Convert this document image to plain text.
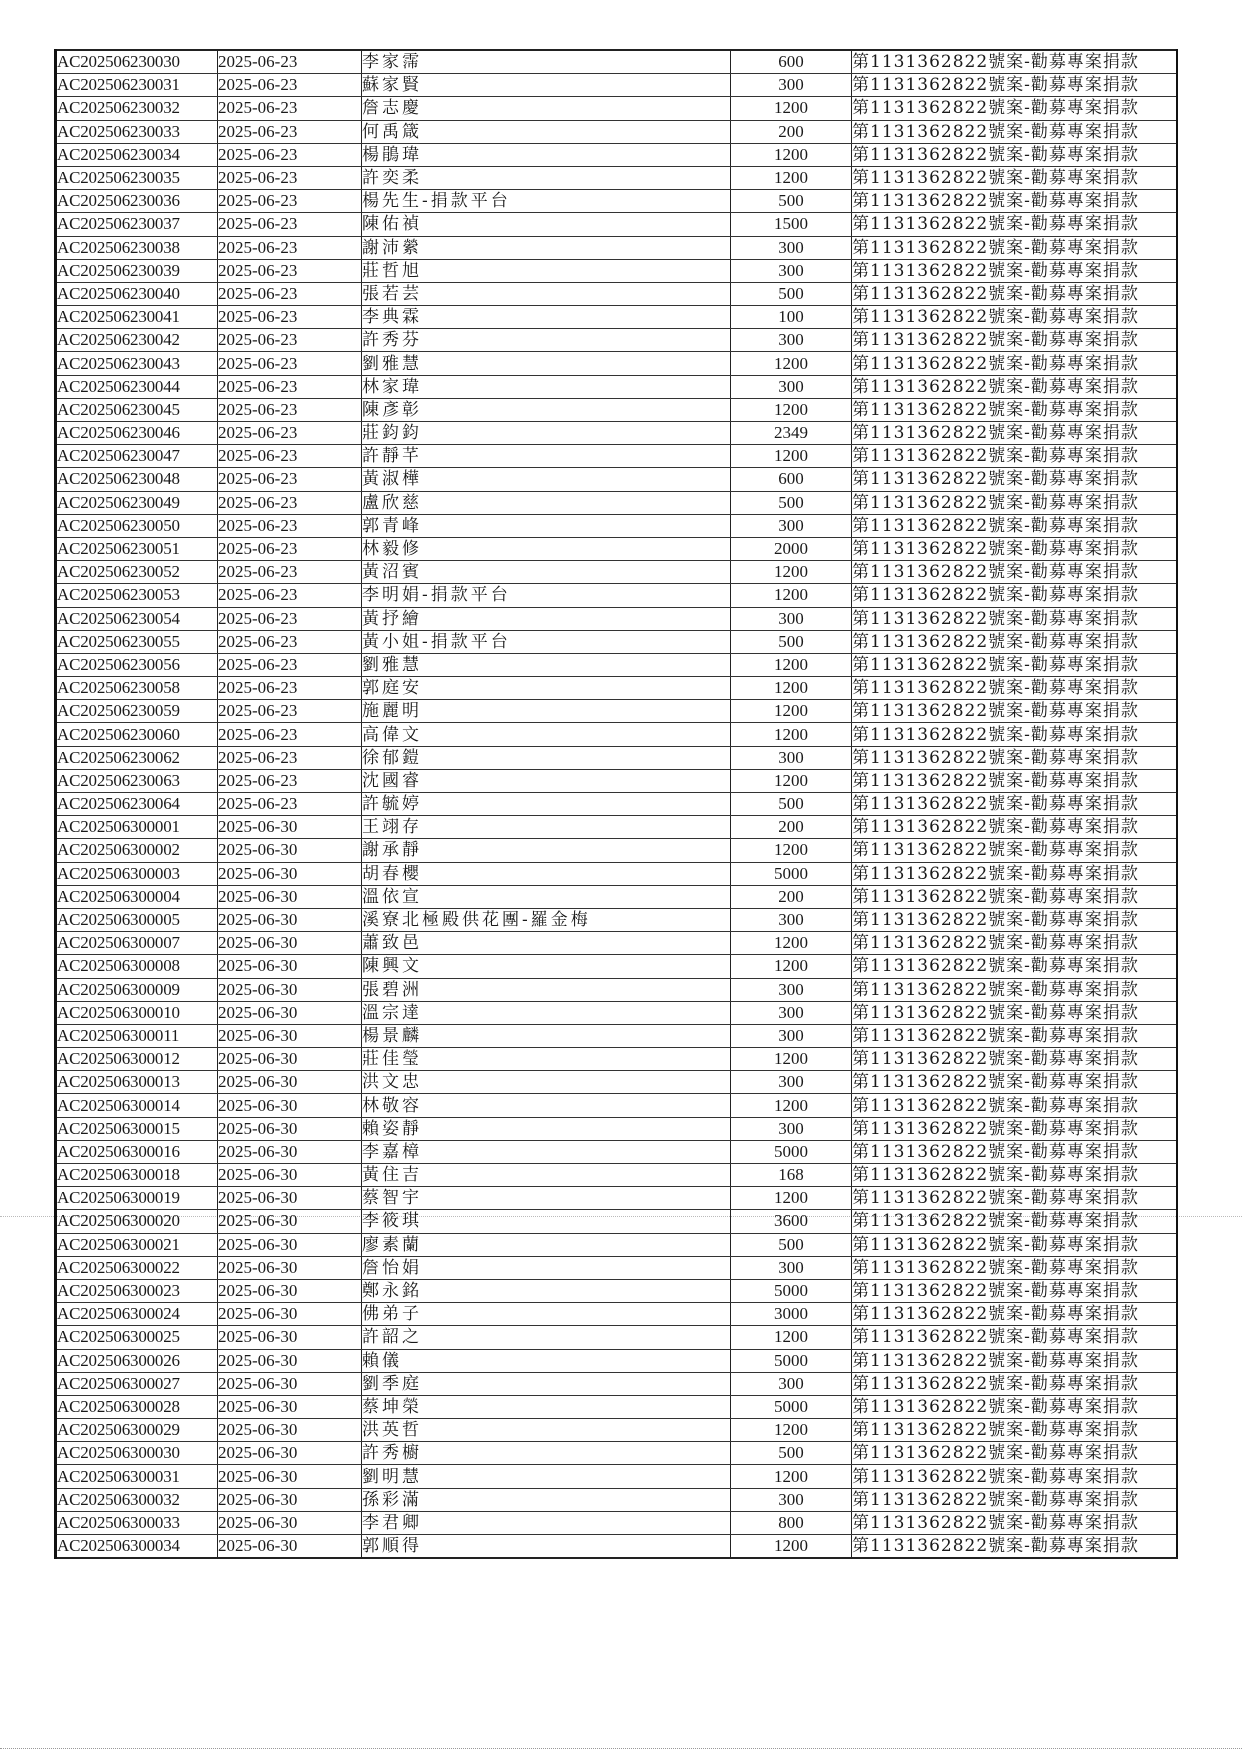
AC202506230030	2025-06-23	李家霈	600	第1131362822號案-勸募專案捐款
AC202506230031	2025-06-23	蘇家賢	300	第1131362822號案-勸募專案捐款
AC202506230032	2025-06-23	詹志慶	1200	第1131362822號案-勸募專案捐款
AC202506230033	2025-06-23	何禹箴	200	第1131362822號案-勸募專案捐款
AC202506230034	2025-06-23	楊鵑瑋	1200	第1131362822號案-勸募專案捐款
AC202506230035	2025-06-23	許奕柔	1200	第1131362822號案-勸募專案捐款
AC202506230036	2025-06-23	楊先生-捐款平台	500	第1131362822號案-勸募專案捐款
AC202506230037	2025-06-23	陳佑禎	1500	第1131362822號案-勸募專案捐款
AC202506230038	2025-06-23	謝沛縈	300	第1131362822號案-勸募專案捐款
AC202506230039	2025-06-23	莊哲旭	300	第1131362822號案-勸募專案捐款
AC202506230040	2025-06-23	張若芸	500	第1131362822號案-勸募專案捐款
AC202506230041	2025-06-23	李典霖	100	第1131362822號案-勸募專案捐款
AC202506230042	2025-06-23	許秀芬	300	第1131362822號案-勸募專案捐款
AC202506230043	2025-06-23	劉雅慧	1200	第1131362822號案-勸募專案捐款
AC202506230044	2025-06-23	林家瑋	300	第1131362822號案-勸募專案捐款
AC202506230045	2025-06-23	陳彥彰	1200	第1131362822號案-勸募專案捐款
AC202506230046	2025-06-23	莊鈞鈞	2349	第1131362822號案-勸募專案捐款
AC202506230047	2025-06-23	許靜芊	1200	第1131362822號案-勸募專案捐款
AC202506230048	2025-06-23	黃淑樺	600	第1131362822號案-勸募專案捐款
AC202506230049	2025-06-23	盧欣慈	500	第1131362822號案-勸募專案捐款
AC202506230050	2025-06-23	郭青峰	300	第1131362822號案-勸募專案捐款
AC202506230051	2025-06-23	林毅修	2000	第1131362822號案-勸募專案捐款
AC202506230052	2025-06-23	黃沼賓	1200	第1131362822號案-勸募專案捐款
AC202506230053	2025-06-23	李明娟-捐款平台	1200	第1131362822號案-勸募專案捐款
AC202506230054	2025-06-23	黃抒繪	300	第1131362822號案-勸募專案捐款
AC202506230055	2025-06-23	黃小姐-捐款平台	500	第1131362822號案-勸募專案捐款
AC202506230056	2025-06-23	劉雅慧	1200	第1131362822號案-勸募專案捐款
AC202506230058	2025-06-23	郭庭安	1200	第1131362822號案-勸募專案捐款
AC202506230059	2025-06-23	施麗明	1200	第1131362822號案-勸募專案捐款
AC202506230060	2025-06-23	高偉文	1200	第1131362822號案-勸募專案捐款
AC202506230062	2025-06-23	徐郁鎧	300	第1131362822號案-勸募專案捐款
AC202506230063	2025-06-23	沈國睿	1200	第1131362822號案-勸募專案捐款
AC202506230064	2025-06-23	許毓婷	500	第1131362822號案-勸募專案捐款
AC202506300001	2025-06-30	王翊存	200	第1131362822號案-勸募專案捐款
AC202506300002	2025-06-30	謝承靜	1200	第1131362822號案-勸募專案捐款
AC202506300003	2025-06-30	胡春櫻	5000	第1131362822號案-勸募專案捐款
AC202506300004	2025-06-30	溫依宣	200	第1131362822號案-勸募專案捐款
AC202506300005	2025-06-30	溪寮北極殿供花團-羅金梅	300	第1131362822號案-勸募專案捐款
AC202506300007	2025-06-30	蕭致邑	1200	第1131362822號案-勸募專案捐款
AC202506300008	2025-06-30	陳興文	1200	第1131362822號案-勸募專案捐款
AC202506300009	2025-06-30	張碧洲	300	第1131362822號案-勸募專案捐款
AC202506300010	2025-06-30	溫宗達	300	第1131362822號案-勸募專案捐款
AC202506300011	2025-06-30	楊景麟	300	第1131362822號案-勸募專案捐款
AC202506300012	2025-06-30	莊佳瑩	1200	第1131362822號案-勸募專案捐款
AC202506300013	2025-06-30	洪文忠	300	第1131362822號案-勸募專案捐款
AC202506300014	2025-06-30	林敬容	1200	第1131362822號案-勸募專案捐款
AC202506300015	2025-06-30	賴姿靜	300	第1131362822號案-勸募專案捐款
AC202506300016	2025-06-30	李嘉樟	5000	第1131362822號案-勸募專案捐款
AC202506300018	2025-06-30	黃住吉	168	第1131362822號案-勸募專案捐款
AC202506300019	2025-06-30	蔡智宇	1200	第1131362822號案-勸募專案捐款
AC202506300020	2025-06-30	李筱琪	3600	第1131362822號案-勸募專案捐款
AC202506300021	2025-06-30	廖素蘭	500	第1131362822號案-勸募專案捐款
AC202506300022	2025-06-30	詹怡娟	300	第1131362822號案-勸募專案捐款
AC202506300023	2025-06-30	鄭永銘	5000	第1131362822號案-勸募專案捐款
AC202506300024	2025-06-30	佛弟子	3000	第1131362822號案-勸募專案捐款
AC202506300025	2025-06-30	許韶之	1200	第1131362822號案-勸募專案捐款
AC202506300026	2025-06-30	賴儀	5000	第1131362822號案-勸募專案捐款
AC202506300027	2025-06-30	劉季庭	300	第1131362822號案-勸募專案捐款
AC202506300028	2025-06-30	蔡坤榮	5000	第1131362822號案-勸募專案捐款
AC202506300029	2025-06-30	洪英哲	1200	第1131362822號案-勸募專案捐款
AC202506300030	2025-06-30	許秀櫥	500	第1131362822號案-勸募專案捐款
AC202506300031	2025-06-30	劉明慧	1200	第1131362822號案-勸募專案捐款
AC202506300032	2025-06-30	孫彩滿	300	第1131362822號案-勸募專案捐款
AC202506300033	2025-06-30	李君卿	800	第1131362822號案-勸募專案捐款
AC202506300034	2025-06-30	郭順得	1200	第1131362822號案-勸募專案捐款
